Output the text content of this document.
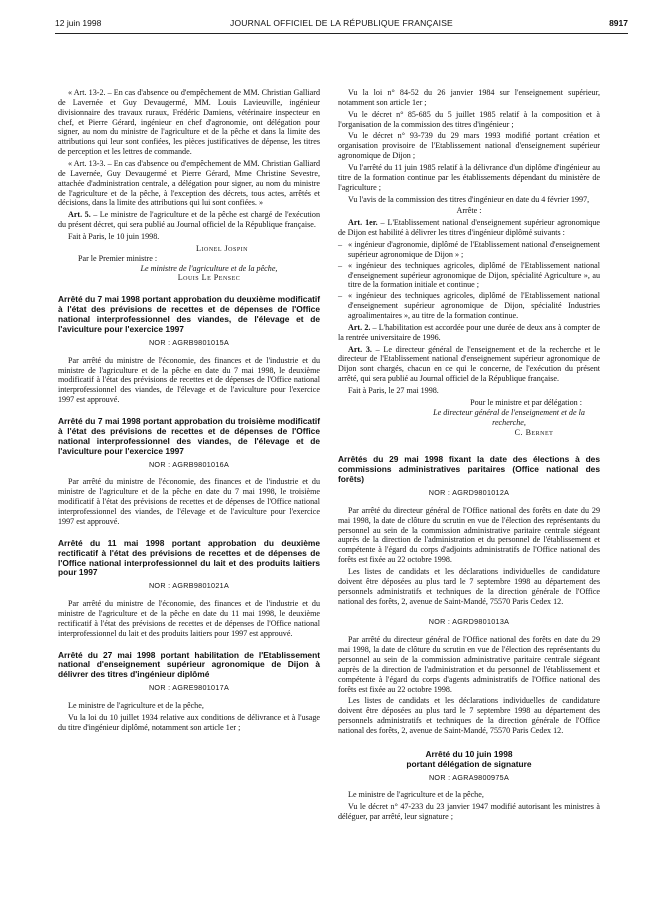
12 juin 1998	JOURNAL OFFICIEL DE LA RÉPUBLIQUE FRANÇAISE	8917

« Art. 13-2. – En cas d'absence ou d'empêchement de MM. Christian Galliard de Lavernée et Guy Devaugermé, MM. Louis Lavieuville, ingénieur divisionnaire des travaux ruraux, Frédéric Damiens, vétérinaire inspecteur en chef, et Pierre Gérard, ingénieur en chef d'agronomie, ont délégation pour signer, au nom du ministre de l'agriculture et de la pêche et dans la limite des attributions qui leur sont confiées, les pièces justificatives de dépense, les titres de perception et les lettres de commande.

« Art. 13-3. – En cas d'absence ou d'empêchement de MM. Christian Galliard de Lavernée, Guy Devaugermé et Pierre Gérard, Mme Christine Sevestre, attachée d'administration centrale, a délégation pour signer, au nom du ministre de l'agriculture et de la pêche, à l'exception des décrets, tous actes, arrêtés et décisions, dans la limite des attributions qui lui sont confiées. »

Art. 5. – Le ministre de l'agriculture et de la pêche est chargé de l'exécution du présent décret, qui sera publié au Journal officiel de la République française.

Fait à Paris, le 10 juin 1998.

Lionel Jospin

Par le Premier ministre :

Le ministre de l'agriculture et de la pêche,

Louis Le Pensec

Arrêté du 7 mai 1998 portant approbation du deuxième modificatif à l'état des prévisions de recettes et de dépenses de l'Office national interprofessionnel des viandes, de l'élevage et de l'aviculture pour l'exercice 1997
NOR : AGRB9801015A

Par arrêté du ministre de l'économie, des finances et de l'industrie et du ministre de l'agriculture et de la pêche en date du 7 mai 1998, le deuxième modificatif à l'état des prévisions de recettes et de dépenses de l'Office national interprofessionnel des viandes, de l'élevage et de l'aviculture pour l'exercice 1997 est approuvé.

Arrêté du 7 mai 1998 portant approbation du troisième modificatif à l'état des prévisions de recettes et de dépenses de l'Office national interprofessionnel des viandes, de l'élevage et de l'aviculture pour l'exercice 1997
NOR : AGRB9801016A

Par arrêté du ministre de l'économie, des finances et de l'industrie et du ministre de l'agriculture et de la pêche en date du 7 mai 1998, le troisième modificatif à l'état des prévisions de recettes et de dépenses de l'Office national interprofessionnel des viandes, de l'élevage et de l'aviculture pour l'exercice 1997 est approuvé.

Arrêté du 11 mai 1998 portant approbation du deuxième rectificatif à l'état des prévisions de recettes et de dépenses de l'Office national interprofessionnel du lait et des produits laitiers pour 1997
NOR : AGRB9801021A

Par arrêté du ministre de l'économie, des finances et de l'industrie et du ministre de l'agriculture et de la pêche en date du 11 mai 1998, le deuxième rectificatif à l'état des prévisions de recettes et de dépenses de l'Office national interprofessionnel du lait et des produits laitiers pour 1997 est approuvé.

Arrêté du 27 mai 1998 portant habilitation de l'Etablissement national d'enseignement supérieur agronomique de Dijon à délivrer des titres d'ingénieur diplômé
NOR : AGRE9801017A

Le ministre de l'agriculture et de la pêche,

Vu la loi du 10 juillet 1934 relative aux conditions de délivrance et à l'usage du titre d'ingénieur diplômé, notamment son article 1er ;

Vu la loi n° 84-52 du 26 janvier 1984 sur l'enseignement supérieur, notamment son article 1er ;

Vu le décret n° 85-685 du 5 juillet 1985 relatif à la composition et à l'organisation de la commission des titres d'ingénieur ;

Vu le décret n° 93-739 du 29 mars 1993 modifié portant création et organisation provisoire de l'Etablissement national d'enseignement supérieur agronomique de Dijon ;

Vu l'arrêté du 11 juin 1985 relatif à la délivrance d'un diplôme d'ingénieur au titre de la formation continue par les établissements dépendant du ministère de l'agriculture ;

Vu l'avis de la commission des titres d'ingénieur en date du 4 février 1997,

Arrête :

Art. 1er. – L'Etablissement national d'enseignement supérieur agronomique de Dijon est habilité à délivrer les titres d'ingénieur diplômé suivants :

– « ingénieur d'agronomie, diplômé de l'Etablissement national d'enseignement supérieur agronomique de Dijon » ;
– « ingénieur des techniques agricoles, diplômé de l'Etablissement national d'enseignement supérieur agronomique de Dijon, spécialité Agriculture », au titre de la formation initiale et continue ;
– « ingénieur des techniques agricoles, diplômé de l'Etablissement national d'enseignement supérieur agronomique de Dijon, spécialité Industries agroalimentaires », au titre de la formation continue.

Art. 2. – L'habilitation est accordée pour une durée de deux ans à compter de la rentrée universitaire de 1996.

Art. 3. – Le directeur général de l'enseignement et de la recherche et le directeur de l'Etablissement national d'enseignement supérieur agronomique de Dijon sont chargés, chacun en ce qui le concerne, de l'exécution du présent arrêté, qui sera publié au Journal officiel de la République française.

Fait à Paris, le 27 mai 1998.

Pour le ministre et par délégation :

Le directeur général de l'enseignement et de la recherche,

C. Bernet

Arrêtés du 29 mai 1998 fixant la date des élections à des commissions administratives paritaires (Office national des forêts)
NOR : AGRD9801012A

Par arrêté du directeur général de l'Office national des forêts en date du 29 mai 1998, la date de clôture du scrutin en vue de l'élection des représentants du personnel au sein de la commission administrative paritaire centrale siégeant auprès de la direction de l'administration et du personnel de l'établissement et compétente à l'égard du corps d'adjoints administratifs de l'Office national des forêts est fixée au 22 octobre 1998.

Les listes de candidats et les déclarations individuelles de candidature doivent être déposées au plus tard le 7 septembre 1998 au département des personnels administratifs et techniques de la direction générale de l'Office national des forêts, 2, avenue de Saint-Mandé, 75570 Paris Cedex 12.

NOR : AGRD9801013A

Par arrêté du directeur général de l'Office national des forêts en date du 29 mai 1998, la date de clôture du scrutin en vue de l'élection des représentants du personnel au sein de la commission administrative paritaire centrale siégeant auprès de la direction de l'administration et du personnel de l'établissement et compétente à l'égard du corps d'agents administratifs de l'Office national des forêts est fixée au 22 octobre 1998.

Les listes de candidats et les déclarations individuelles de candidature doivent être déposées au plus tard le 7 septembre 1998 au département des personnels administratifs et techniques de la direction générale de l'Office national des forêts, 2, avenue de Saint-Mandé, 75570 Paris Cedex 12.

Arrêté du 10 juin 1998
portant délégation de signature
NOR : AGRA9800975A

Le ministre de l'agriculture et de la pêche,

Vu le décret n° 47-233 du 23 janvier 1947 modifié autorisant les ministres à déléguer, par arrêté, leur signature ;
